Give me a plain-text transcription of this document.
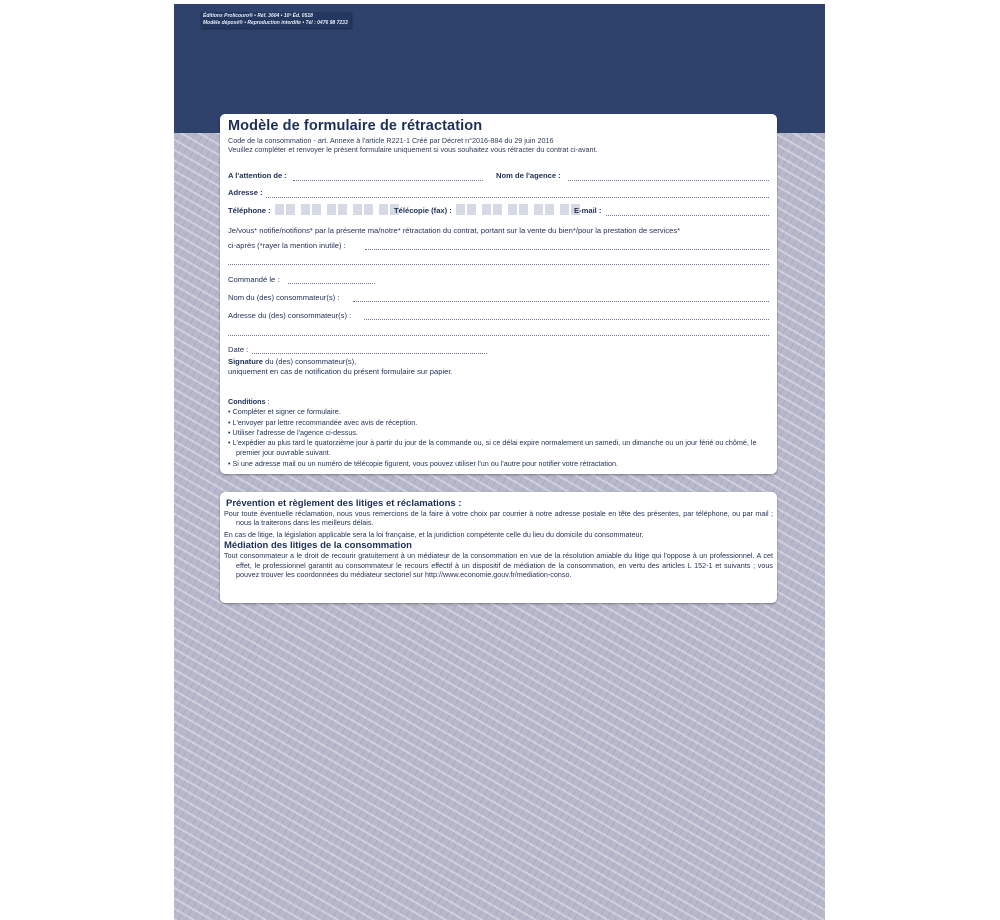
Éditions Prolicouro® • Réf. 3604 • 10ª Éd. 0518
Modèle déposé® • Reproduction interdite • Tél : 0476 98 7233
Modèle de formulaire de rétractation
Code de la consommation - art. Annexe à l'article R221-1 Créé par Décret n°2016-884 du 29 juin 2016
Veuillez compléter et renvoyer le présent formulaire uniquement si vous souhaitez vous rétracter du contrat ci-avant.
A l'attention de :	Nom de l'agence :
Adresse :
Téléphone :	Télécopie (fax) :	E-mail :
Je/vous* notifie/notifions* par la présente ma/notre* rétractation du contrat, portant sur la vente du bien*/pour la prestation de services*
ci-après (*rayer la mention inutile) :
Commandé le :
Nom du (des) consommateur(s) :
Adresse du (des) consommateur(s) :
Date :
Signature du (des) consommateur(s),
uniquement en cas de notification du présent formulaire sur papier.
Conditions :
• Compléter et signer ce formulaire.
• L'envoyer par lettre recommandée avec avis de réception.
• Utiliser l'adresse de l'agence ci-dessus.
• L'expédier au plus tard le quatorzième jour à partir du jour de la commande ou, si ce délai expire normalement un samedi, un dimanche ou un jour férié ou chômé, le premier jour ouvrable suivant.
• Si une adresse mail ou un numéro de télécopie figurent, vous pouvez utiliser l'un ou l'autre pour notifier votre rétractation.
Prévention et règlement des litiges et réclamations :

Pour toute éventuelle réclamation, nous vous remercions de la faire à votre choix par courrier à notre adresse postale en tête des présentes, par téléphone, ou par mail ; nous la traiterons dans les meilleurs délais.

En cas de litige, la législation applicable sera la loi française, et la juridiction compétente celle du lieu du domicile du consommateur.

Médiation des litiges de la consommation

Tout consommateur a le droit de recourir gratuitement à un médiateur de la consommation en vue de la résolution amiable du litige qui l'oppose à un professionnel. A cet effet, le professionnel garantit au consommateur le recours effectif à un dispositif de médiation de la consommation, en vertu des articles L 152-1 et suivants ; vous pouvez trouver les coordonnées du médiateur sectoriel sur http://www.economie.gouv.fr/mediation-conso.
